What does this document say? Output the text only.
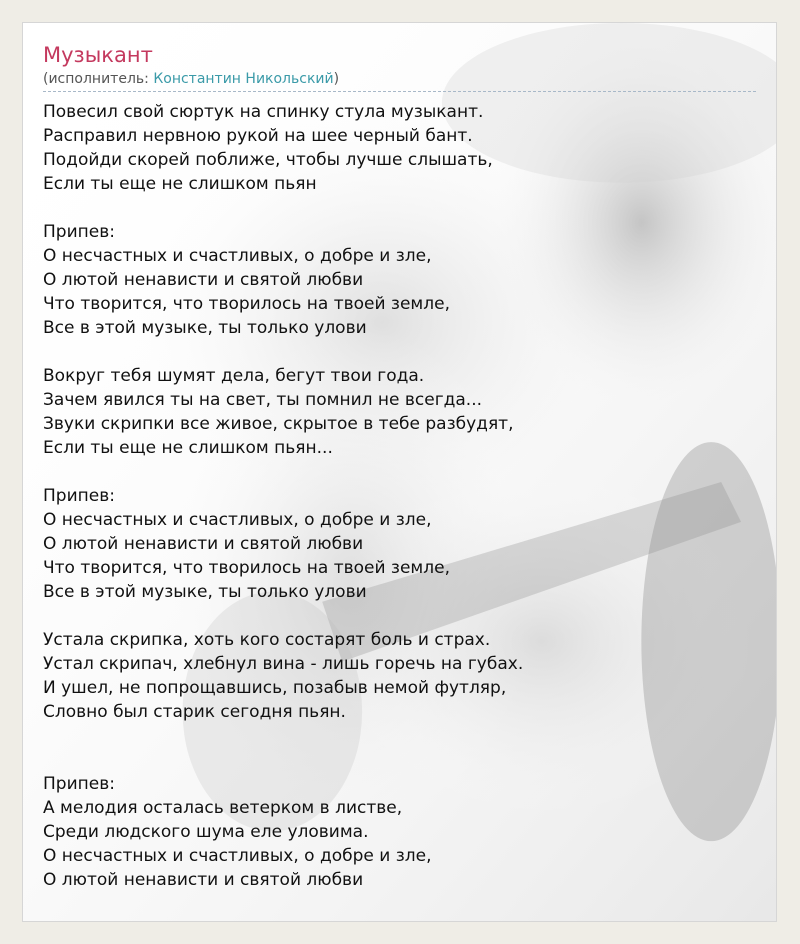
Музыкант
(исполнитель: Константин Никольский)
Повесил свой сюртук на спинку стула музыкант.
Расправил нервною рукой на шее черный бант.
Подойди скорей поближе, чтобы лучше слышать,
Если ты еще не слишком пьян
Припев:
О несчастных и счастливых, о добре и зле,
О лютой ненависти и святой любви
Что творится, что творилось на твоей земле,
Все в этой музыке, ты только улови
Вокруг тебя шумят дела, бегут твои года.
Зачем явился ты на свет, ты помнил не всегда...
Звуки скрипки все живое, скрытое в тебе разбудят,
Если ты еще не слишком пьян...
Припев:
О несчастных и счастливых, о добре и зле,
О лютой ненависти и святой любви
Что творится, что творилось на твоей земле,
Все в этой музыке, ты только улови
Устала скрипка, хоть кого состарят боль и страх.
Устал скрипач, хлебнул вина - лишь горечь на губах.
И ушел, не попрощавшись, позабыв немой футляр,
Словно был старик сегодня пьян.
Припев:
А мелодия осталась ветерком в листве,
Среди людского шума еле уловима.
О несчастных и счастливых, о добре и зле,
О лютой ненависти и святой любви
